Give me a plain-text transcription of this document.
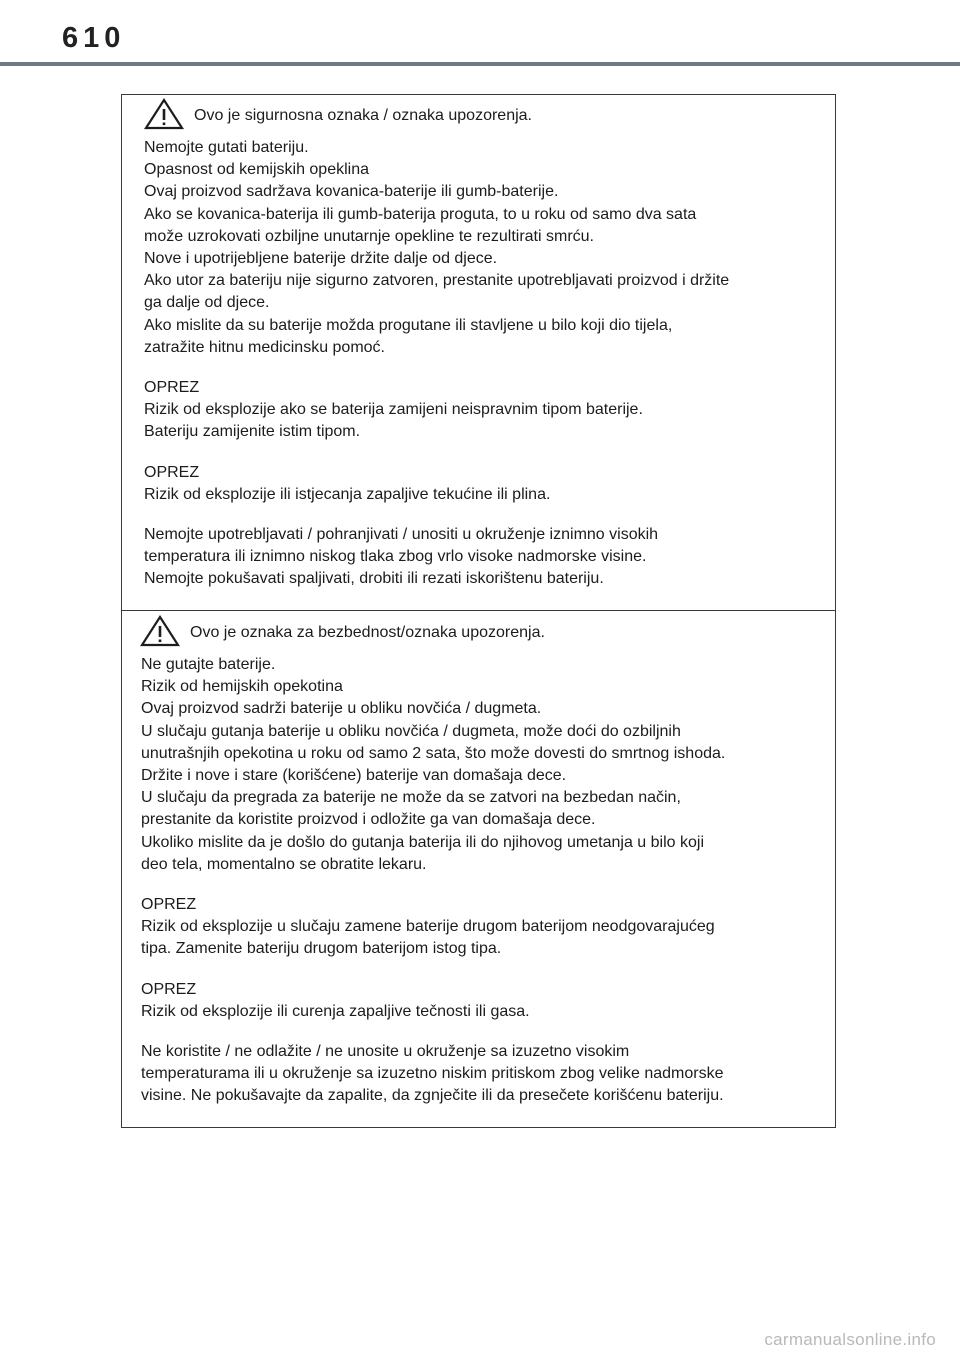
610
Ovo je sigurnosna oznaka / oznaka upozorenja.

Nemojte gutati bateriju.
Opasnost od kemijskih opeklina
Ovaj proizvod sadržava kovanica-baterije ili gumb-baterije.
Ako se kovanica-baterija ili gumb-baterija proguta, to u roku od samo dva sata
može uzrokovati ozbiljne unutarnje opekline te rezultirati smrću.
Nove i upotrijebljene baterije držite dalje od djece.
Ako utor za bateriju nije sigurno zatvoren, prestanite upotrebljavati proizvod i držite
ga dalje od djece.
Ako mislite da su baterije možda progutane ili stavljene u bilo koji dio tijela,
zatražite hitnu medicinsku pomoć.

OPREZ
Rizik od eksplozije ako se baterija zamijeni neispravnim tipom baterije.
Bateriju zamijenite istim tipom.

OPREZ
Rizik od eksplozije ili istjecanja zapaljive tekućine ili plina.

Nemojte upotrebljavati / pohranjivati / unositi u okruženje iznimno visokih
temperatura ili iznimno niskog tlaka zbog vrlo visoke nadmorske visine.
Nemojte pokušavati spaljivati, drobiti ili rezati iskorištenu bateriju.

Ovo je oznaka za bezbednost/oznaka upozorenja.

Ne gutajte baterije.
Rizik od hemijskih opekotina
Ovaj proizvod sadrži baterije u obliku novčića / dugmeta.
U slučaju gutanja baterije u obliku novčića / dugmeta, može doći do ozbiljnih
unutrašnjih opekotina u roku od samo 2 sata, što može dovesti do smrtnog ishoda.
Držite i nove i stare (korišćene) baterije van domašaja dece.
U slučaju da pregrada za baterije ne može da se zatvori na bezbedan način,
prestanite da koristite proizvod i odložite ga van domašaja dece.
Ukoliko mislite da je došlo do gutanja baterija ili do njihovog umetanja u bilo koji
deo tela, momentalno se obratite lekaru.

OPREZ
Rizik od eksplozije u slučaju zamene baterije drugom baterijom neodgovarajućeg
tipa. Zamenite bateriju drugom baterijom istog tipa.

OPREZ
Rizik od eksplozije ili curenja zapaljive tečnosti ili gasa.

Ne koristite / ne odlažite / ne unosite u okruženje sa izuzetno visokim
temperaturama ili u okruženje sa izuzetno niskim pritiskom zbog velike nadmorske
visine. Ne pokušavajte da zapalite, da zgnječite ili da presečete korišćenu bateriju.

carmanualsonline.info
